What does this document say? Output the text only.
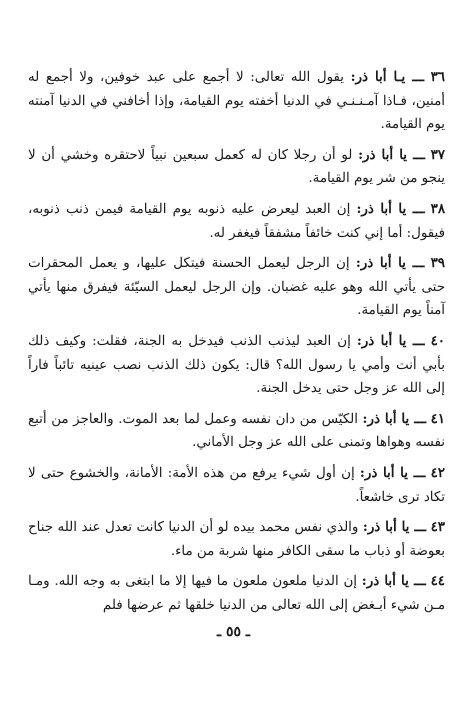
٣٦ ـــ يـا أبا ذر: يقول الله تعالى: لا أجمع على عبد خوفين، ولا أجمع له أمنين، فـاذا آمـنـنـي في الدنيا أخفته يوم القيامة، وإذا أخافني في الدنيا آمنته يوم القيامة.

٣٧ ـــ يا أبا ذر: لو أن رجلا كان له كعمل سبعين نبياً لاحتقره وخشي أن لا ينجو من شر يوم القيامة.

٣٨ ـــ يا أبا ذر: إن العبد ليعرض عليه ذنوبه يوم القيامة فيمن ذنب ذنوبه، فيقول: أما إني كنت خائفاً مشفقاً فيغفر له.

٣٩ ـــ يا أبا ذر: إن الرجل ليعمل الحسنة فيتكل عليها، و يعمل المحقرات حتى يأتي الله وهو عليه غضبان. وإن الرجل ليعمل السيّئة فيفرق منها يأتي آمناً يوم القيامة.

٤٠ ـــ يا أبا ذر: إن العبد ليذنب الذنب فيدخل به الجنة، فقلت: وكيف ذلك بأبي أنت وأمي يا رسول الله؟ قال: يكون ذلك الذنب نصب عينيه تائباً فاراً إلى الله عز وجل حتى يدخل الجنة.

٤١ ـــ يا أبا ذر: الكيّس من دان نفسه وعمل لما بعد الموت. والعاجز من أتبع نفسه وهواها وتمنى على الله عز وجل الأماني.

٤٢ ـــ يا أبا ذر: إن أول شيء يرفع من هذه الأمة: الأمانة، والخشوع حتى لا تكاد ترى خاشعاً.

٤٣ ـــ يا أبا ذر: والذي نفس محمد بيده لو أن الدنيا كانت تعدل عند الله جناح بعوضة أو ذباب ما سقى الكافر منها شربة من ماء.

٤٤ ـــ يا أبا ذر: إن الدنيا ملعون ملعون ما فيها إلا ما ابتغى به وجه الله. ومـا مـن شيء أبـغض إلى الله تعالى من الدنيا خلقها ثم عرضها فلم

ـ ٥٥ ـ
